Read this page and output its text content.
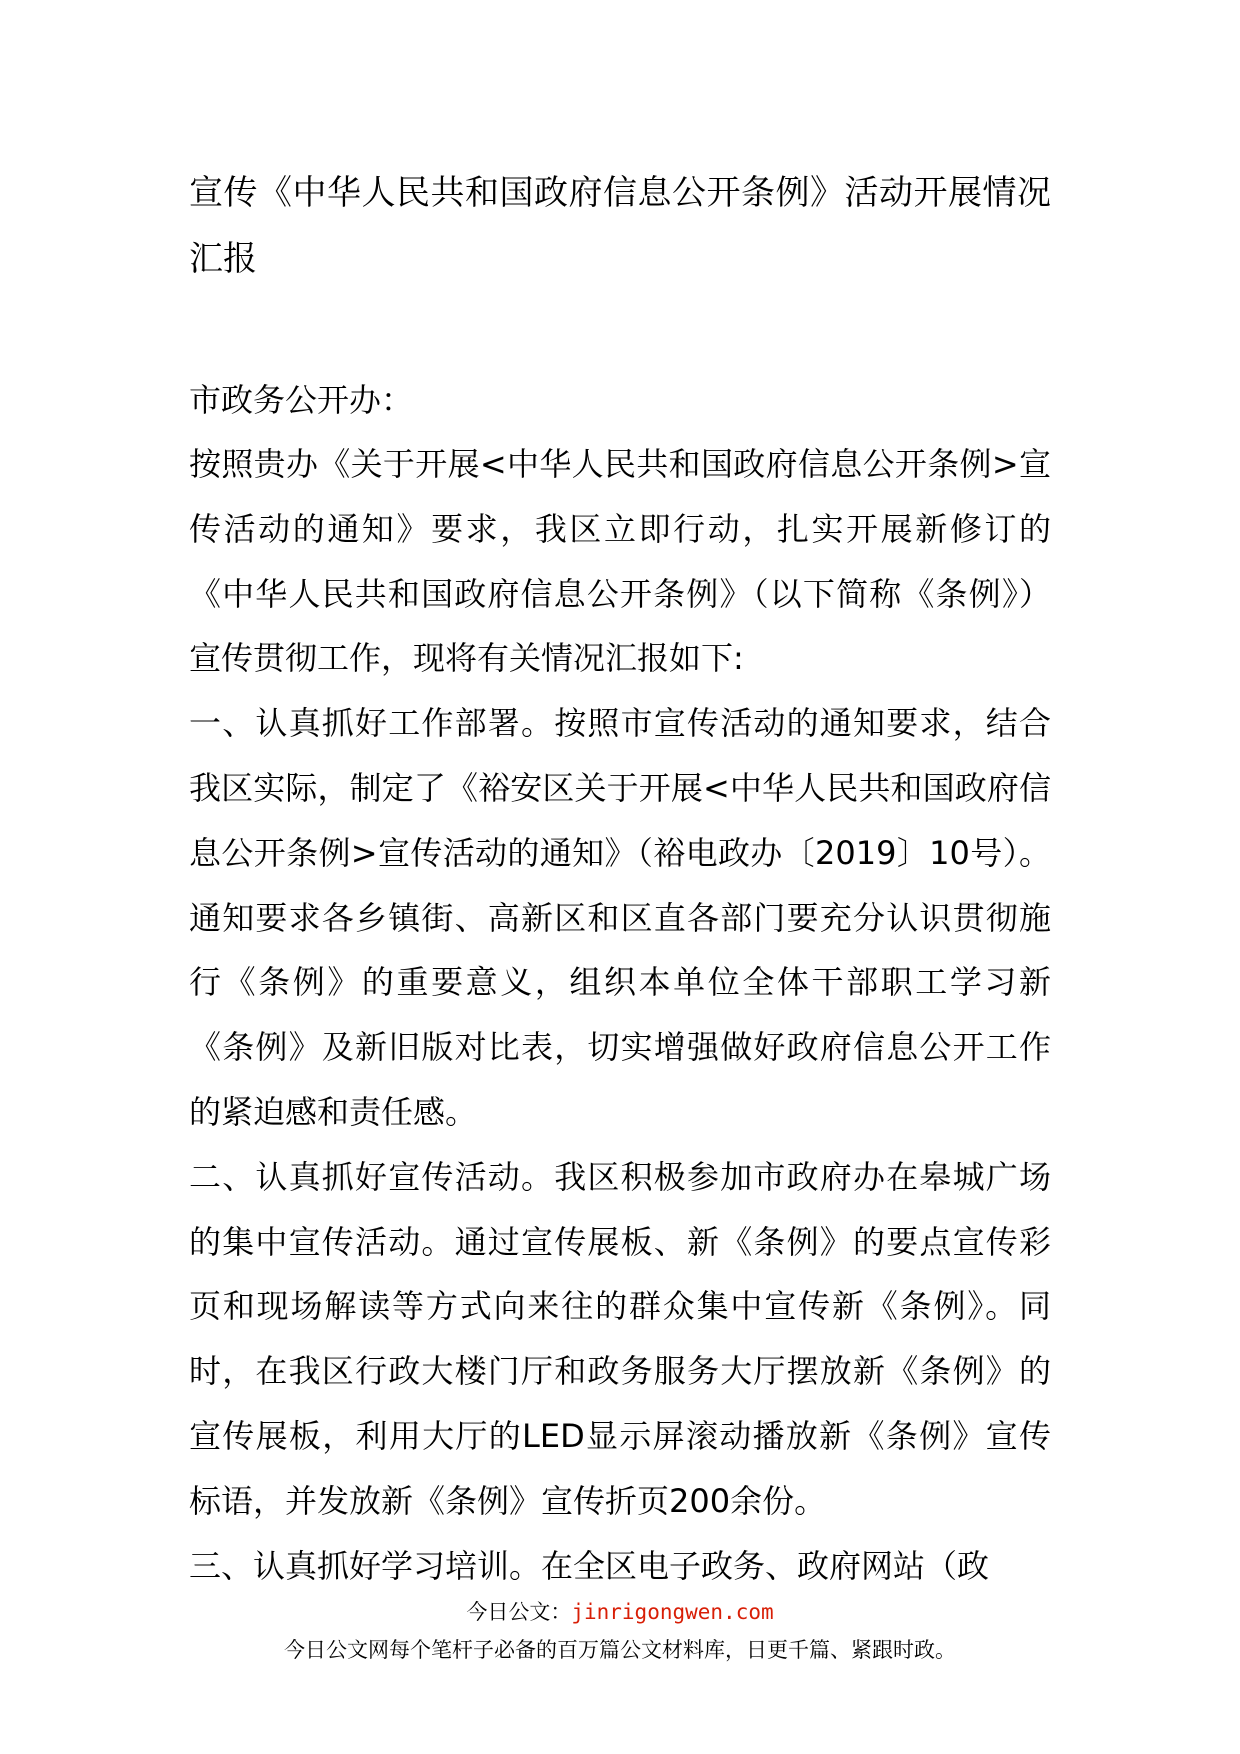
宣传《中华人民共和国政府信息公开条例》活动开展情况汇报
市政务公开办：

按照贵办《关于开展<中华人民共和国政府信息公开条例>宣传活动的通知》要求，我区立即行动，扎实开展新修订的《中华人民共和国政府信息公开条例》（以下简称《条例》）宣传贯彻工作，现将有关情况汇报如下:

一、认真抓好工作部署。按照市宣传活动的通知要求，结合我区实际，制定了《裕安区关于开展<中华人民共和国政府信息公开条例>宣传活动的通知》（裕电政办〔2019〕10号）。通知要求各乡镇街、高新区和区直各部门要充分认识贯彻施行《条例》的重要意义，组织本单位全体干部职工学习新《条例》及新旧版对比表，切实增强做好政府信息公开工作的紧迫感和责任感。

二、认真抓好宣传活动。我区积极参加市政府办在皋城广场的集中宣传活动。通过宣传展板、新《条例》的要点宣传彩页和现场解读等方式向来往的群众集中宣传新《条例》。同时，在我区行政大楼门厅和政务服务大厅摆放新《条例》的宣传展板，利用大厅的LED显示屏滚动播放新《条例》宣传标语，并发放新《条例》宣传折页200余份。

三、认真抓好学习培训。在全区电子政务、政府网站（政

今日公文：jinrigongwen.com
今日公文网每个笔杆子必备的百万篇公文材料库，日更千篇、紧跟时政。
